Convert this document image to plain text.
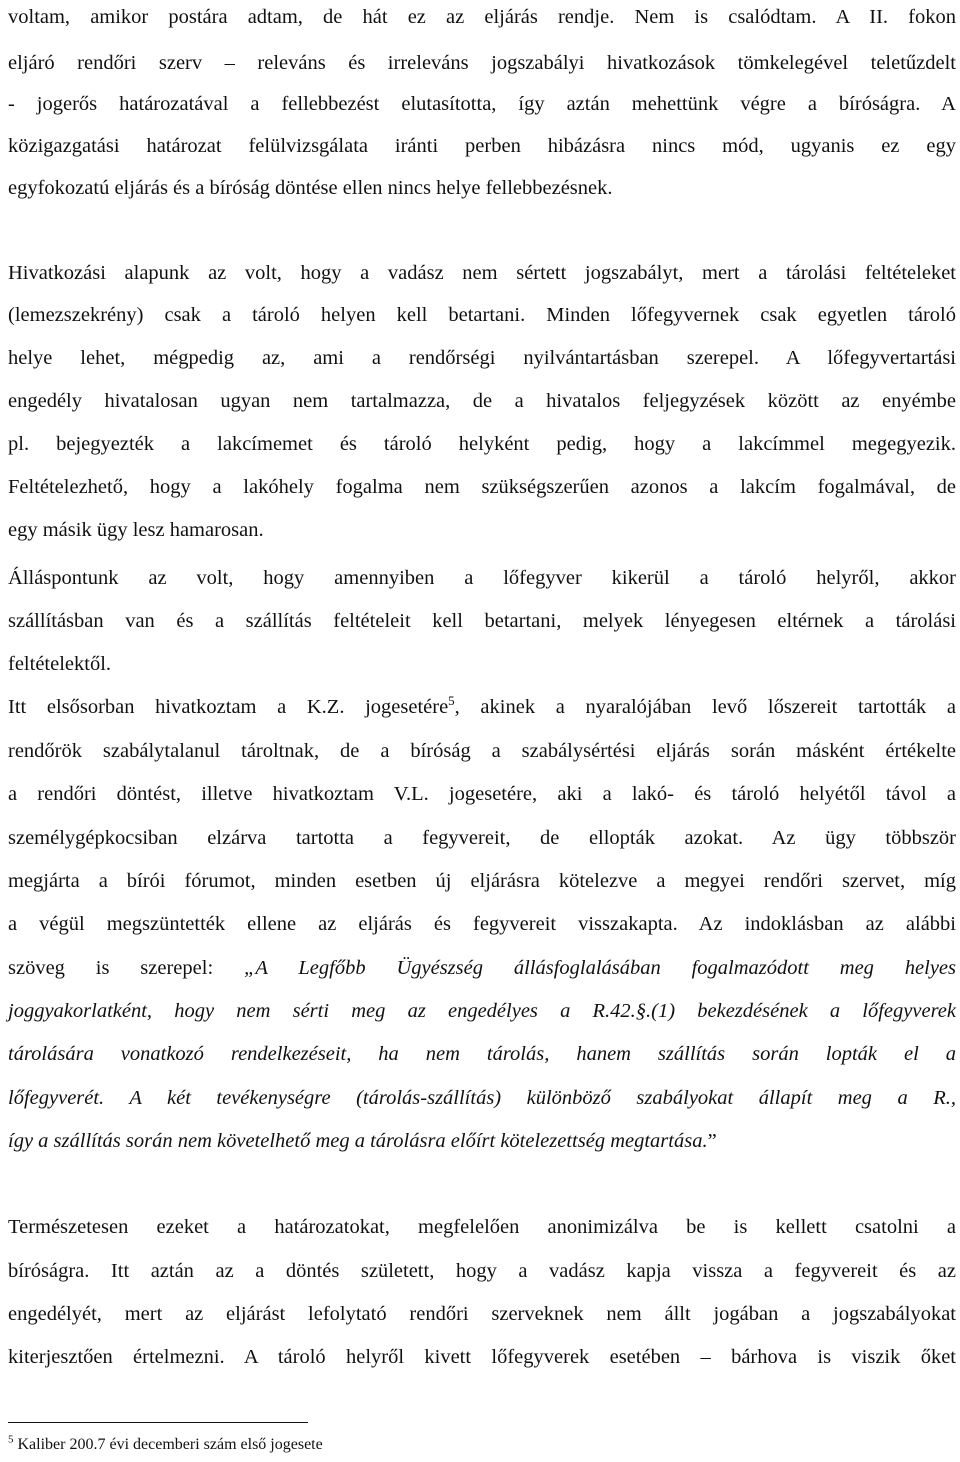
$^5$ Kaliber 200.7 évi decemberi szám első jogesete
voltam, amikor postára adtam, de hát ez az eljárás rendje. Nem is csalódtam. A II. fokon
eljáró rendőri szerv – releváns és irreleváns jogszabályi hivatkozások tömkelegével teletűzdelt
- jogerős határozatával a fellebbezést elutasította, így aztán mehettünk végre a bíróságra. A
közigazgatási határozat felülvizsgálata iránti perben hibázásra nincs mód, ugyanis ez egy
egyfokozatú eljárás és a bíróság döntése ellen nincs helye fellebbezésnek.
Hivatkozási alapunk az volt, hogy a vadász nem sértett jogszabályt, mert a tárolási feltételeket
(lemezszekrény) csak a tároló helyen kell betartani. Minden lőfegyvernek csak egyetlen tároló
helye lehet, mégpedig az, ami a rendőrségi nyilvántartásban szerepel. A lőfegyvertartási
engedély hivatalosan ugyan nem tartalmazza, de a hivatalos feljegyzések között az enyémbe
pl. bejegyezték a lakcímemet és tároló helyként pedig, hogy a lakcímmel megegyezik.
Feltételezhető, hogy a lakóhely fogalma nem szükségszerűen azonos a lakcím fogalmával, de
egy másik ügy lesz hamarosan.
Álláspontunk az volt, hogy amennyiben a lőfegyver kikerül a tároló helyről, akkor
szállításban van és a szállítás feltételeit kell betartani, melyek lényegesen eltérnek a tárolási
feltételektől.
Itt elsősorban hivatkoztam a K.Z. jogesetére$^5$, akinek a nyaralójában levő lőszereit tartották a
rendőrök szabálytalanul tároltnak, de a bíróság a szabálysértési eljárás során másként értékelte
a rendőri döntést, illetve hivatkoztam V.L. jogesetére, aki a lakó- és tároló helyétől távol a
személygépkocsiban elzárva tartotta a fegyvereit, de ellopták azokat. Az ügy többször
megjárta a bírói fórumot, minden esetben új eljárásra kötelezve a megyei rendőri szervet, míg
a végül megszüntették ellene az eljárás és fegyvereit visszakapta. Az indoklásban az alábbi
szöveg is szerepel: „A Legfőbb Ügyészség állásfoglalásában fogalmazódott meg helyes
joggyakorlatként, hogy nem sérti meg az engedélyes a R.42.§.(1) bekezdésének a lőfegyverek
tárolására vonatkozó rendelkezéseit, ha nem tárolás, hanem szállítás során lopták el a
lőfegyverét. A két tevékenységre (tárolás-szállítás) különböző szabályokat állapít meg a R.,
így a szállítás során nem követelhető meg a tárolásra előírt kötelezettség megtartása.”
Természetesen ezeket a határozatokat, megfelelően anonimizálva be is kellett csatolni a
bíróságra. Itt aztán az a döntés született, hogy a vadász kapja vissza a fegyvereit és az
engedélyét, mert az eljárást lefolytató rendőri szerveknek nem állt jogában a jogszabályokat
kiterjesztően értelmezni. A tároló helyről kivett lőfegyverek esetében – bárhova is viszik őket
